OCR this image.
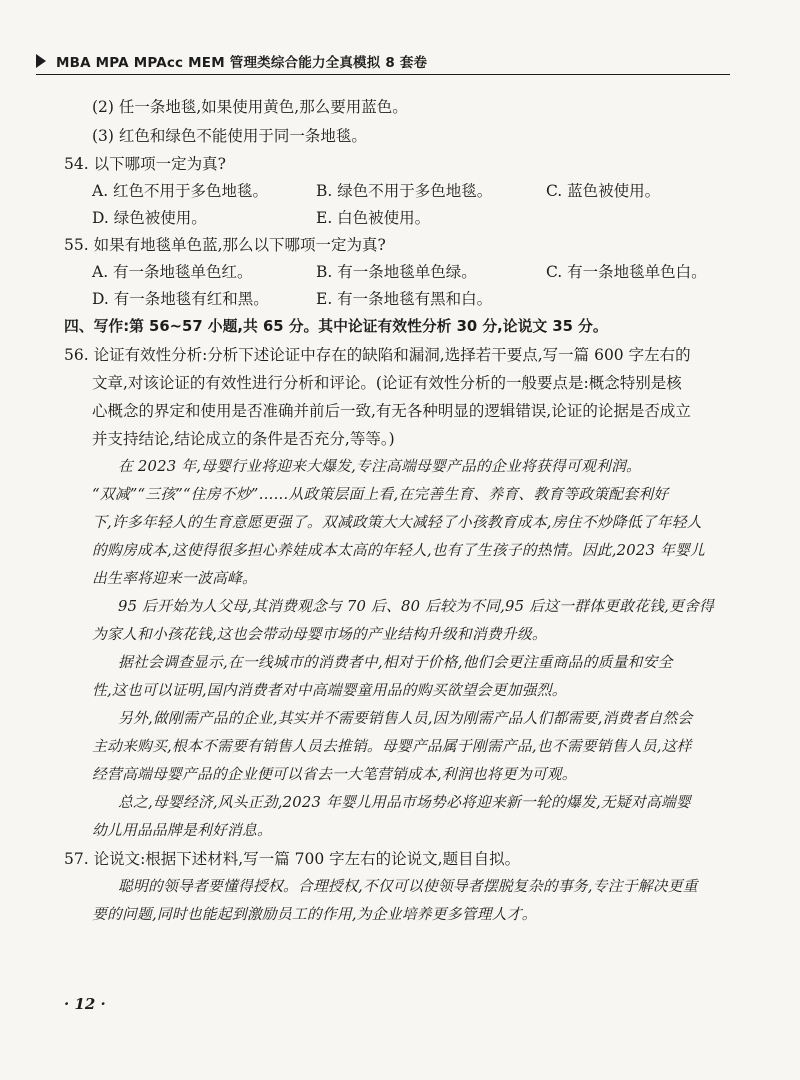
MBA MPA MPAcc MEM 管理类综合能力全真模拟 8 套卷
(2) 任一条地毯,如果使用黄色,那么要用蓝色。
(3) 红色和绿色不能使用于同一条地毯。
54. 以下哪项一定为真?
A. 红色不用于多色地毯。	B. 绿色不用于多色地毯。	C. 蓝色被使用。
D. 绿色被使用。	E. 白色被使用。
55. 如果有地毯单色蓝,那么以下哪项一定为真?
A. 有一条地毯单色红。	B. 有一条地毯单色绿。	C. 有一条地毯单色白。
D. 有一条地毯有红和黑。	E. 有一条地毯有黑和白。
四、写作:第 56~57 小题,共 65 分。其中论证有效性分析 30 分,论说文 35 分。
56. 论证有效性分析:分析下述论证中存在的缺陷和漏洞,选择若干要点,写一篇 600 字左右的
文章,对该论证的有效性进行分析和评论。(论证有效性分析的一般要点是:概念特别是核
心概念的界定和使用是否准确并前后一致,有无各种明显的逻辑错误,论证的论据是否成立
并支持结论,结论成立的条件是否充分,等等。)
在 2023 年,母婴行业将迎来大爆发,专注高端母婴产品的企业将获得可观利润。
“双减”“三孩”“住房不炒”……从政策层面上看,在完善生育、养育、教育等政策配套利好
下,许多年轻人的生育意愿更强了。双减政策大大减轻了小孩教育成本,房住不炒降低了年轻人
的购房成本,这使得很多担心养娃成本太高的年轻人,也有了生孩子的热情。因此,2023 年婴儿
出生率将迎来一波高峰。
95 后开始为人父母,其消费观念与 70 后、80 后较为不同,95 后这一群体更敢花钱,更舍得
为家人和小孩花钱,这也会带动母婴市场的产业结构升级和消费升级。
据社会调查显示,在一线城市的消费者中,相对于价格,他们会更注重商品的质量和安全
性,这也可以证明,国内消费者对中高端婴童用品的购买欲望会更加强烈。
另外,做刚需产品的企业,其实并不需要销售人员,因为刚需产品人们都需要,消费者自然会
主动来购买,根本不需要有销售人员去推销。母婴产品属于刚需产品,也不需要销售人员,这样
经营高端母婴产品的企业便可以省去一大笔营销成本,利润也将更为可观。
总之,母婴经济,风头正劲,2023 年婴儿用品市场势必将迎来新一轮的爆发,无疑对高端婴
幼儿用品品牌是利好消息。
57. 论说文:根据下述材料,写一篇 700 字左右的论说文,题目自拟。
聪明的领导者要懂得授权。合理授权,不仅可以使领导者摆脱复杂的事务,专注于解决更重
要的问题,同时也能起到激励员工的作用,为企业培养更多管理人才。
· 12 ·
